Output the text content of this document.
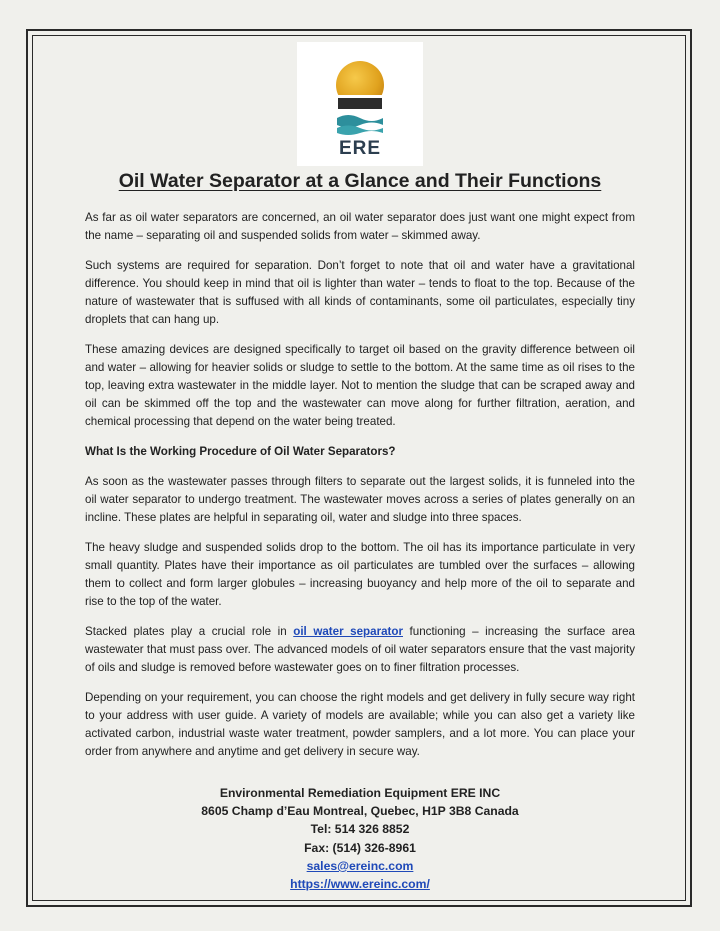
ERE
Oil Water Separator at a Glance and Their Functions

As far as oil water separators are concerned, an oil water separator does just want one might expect from the name – separating oil and suspended solids from water – skimmed away.

Such systems are required for separation. Don’t forget to note that oil and water have a gravitational difference. You should keep in mind that oil is lighter than water – tends to float to the top. Because of the nature of wastewater that is suffused with all kinds of contaminants, some oil particulates, especially tiny droplets that can hang up.

These amazing devices are designed specifically to target oil based on the gravity difference between oil and water – allowing for heavier solids or sludge to settle to the bottom. At the same time as oil rises to the top, leaving extra wastewater in the middle layer. Not to mention the sludge that can be scraped away and oil can be skimmed off the top and the wastewater can move along for further filtration, aeration, and chemical processing that depend on the water being treated.

What Is the Working Procedure of Oil Water Separators?

As soon as the wastewater passes through filters to separate out the largest solids, it is funneled into the oil water separator to undergo treatment. The wastewater moves across a series of plates generally on an incline. These plates are helpful in separating oil, water and sludge into three spaces.

The heavy sludge and suspended solids drop to the bottom. The oil has its importance particulate in very small quantity. Plates have their importance as oil particulates are tumbled over the surfaces – allowing them to collect and form larger globules – increasing buoyancy and help more of the oil to separate and rise to the top of the water.

Stacked plates play a crucial role in oil water separator functioning – increasing the surface area wastewater that must pass over. The advanced models of oil water separators ensure that the vast majority of oils and sludge is removed before wastewater goes on to finer filtration processes.

Depending on your requirement, you can choose the right models and get delivery in fully secure way right to your address with user guide. A variety of models are available; while you can also get a variety like activated carbon, industrial waste water treatment, powder samplers, and a lot more. You can place your order from anywhere and anytime and get delivery in secure way.

Environmental Remediation Equipment ERE INC
8605 Champ d’Eau Montreal, Quebec, H1P 3B8 Canada
Tel: 514 326 8852
Fax: (514) 326-8961
sales@ereinc.com
https://www.ereinc.com/
